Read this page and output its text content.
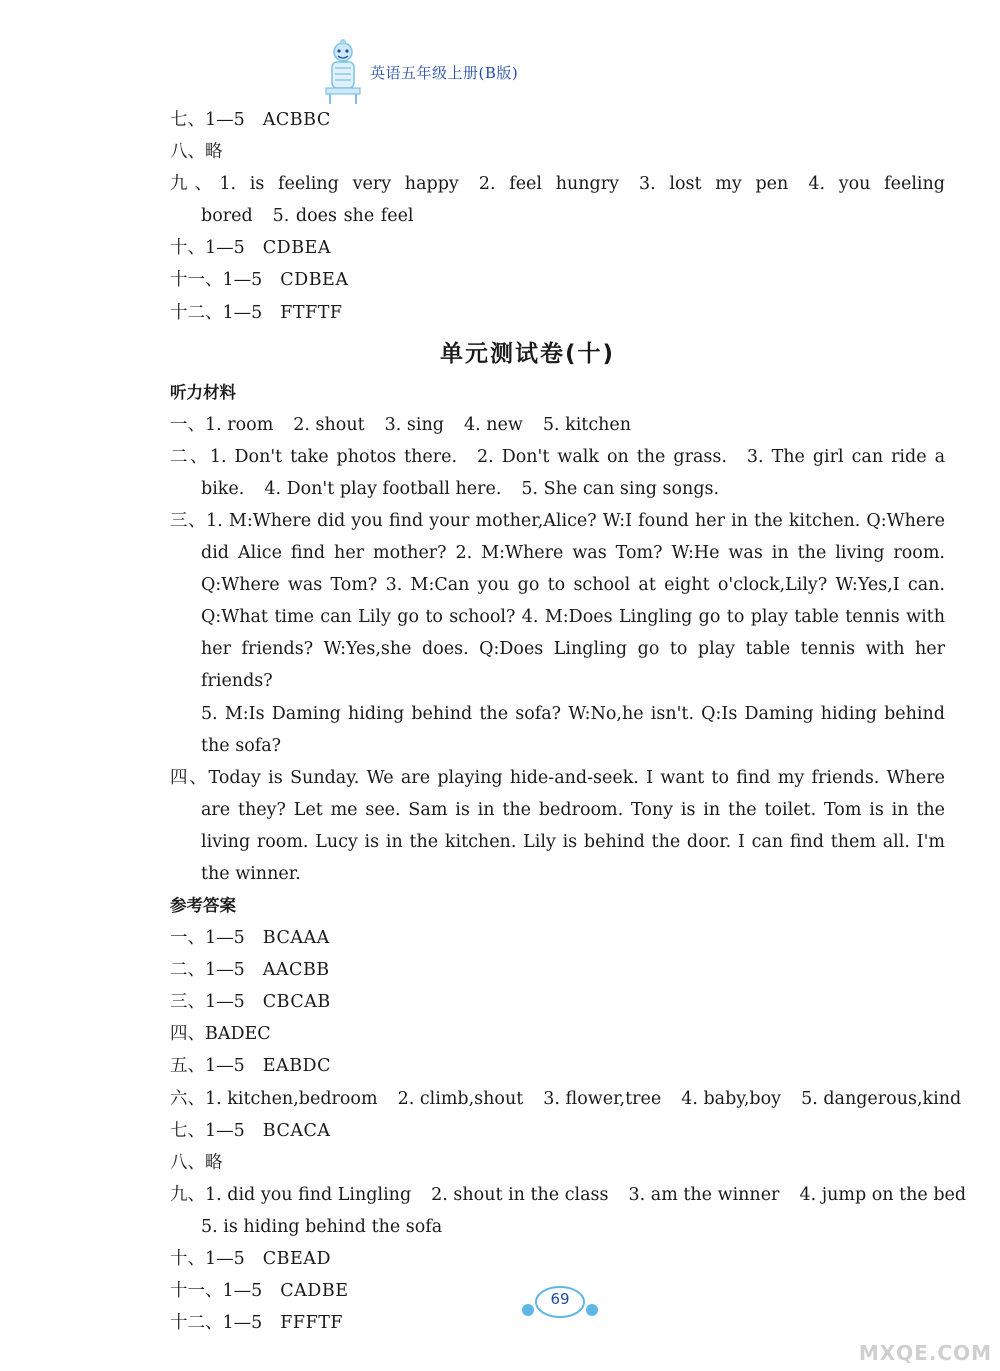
英语五年级上册(B版)
七、1—5 ACBBC
八、略
九、1. is feeling very happy 2. feel hungry 3. lost my pen 4. you feeling bored 5. does she feel
十、1—5 CDBEA
十一、1—5 CDBEA
十二、1—5 FTFTF
单元测试卷(十)
听力材料
一、1. room 2. shout 3. sing 4. new 5. kitchen
二、1. Don't take photos there. 2. Don't walk on the grass. 3. The girl can ride a bike. 4. Don't play football here. 5. She can sing songs.
三、1. M:Where did you find your mother,Alice? W:I found her in the kitchen. Q:Where did Alice find her mother? 2. M:Where was Tom? W:He was in the living room. Q:Where was Tom? 3. M:Can you go to school at eight o'clock,Lily? W:Yes,I can. Q:What time can Lily go to school? 4. M:Does Lingling go to play table tennis with her friends? W:Yes,she does. Q:Does Lingling go to play table tennis with her friends?
5. M:Is Daming hiding behind the sofa? W:No,he isn't. Q:Is Daming hiding behind the sofa?
四、Today is Sunday. We are playing hide-and-seek. I want to find my friends. Where are they? Let me see. Sam is in the bedroom. Tony is in the toilet. Tom is in the living room. Lucy is in the kitchen. Lily is behind the door. I can find them all. I'm the winner.
参考答案
一、1—5 BCAAA
二、1—5 AACBB
三、1—5 CBCAB
四、BADEC
五、1—5 EABDC
六、1. kitchen,bedroom 2. climb,shout 3. flower,tree 4. baby,boy 5. dangerous,kind
七、1—5 BCACA
八、略
九、1. did you find Lingling 2. shout in the class 3. am the winner 4. jump on the bed
5. is hiding behind the sofa
十、1—5 CBEAD
十一、1—5 CADBE
十二、1—5 FFFTF
69
MXQE.COM
